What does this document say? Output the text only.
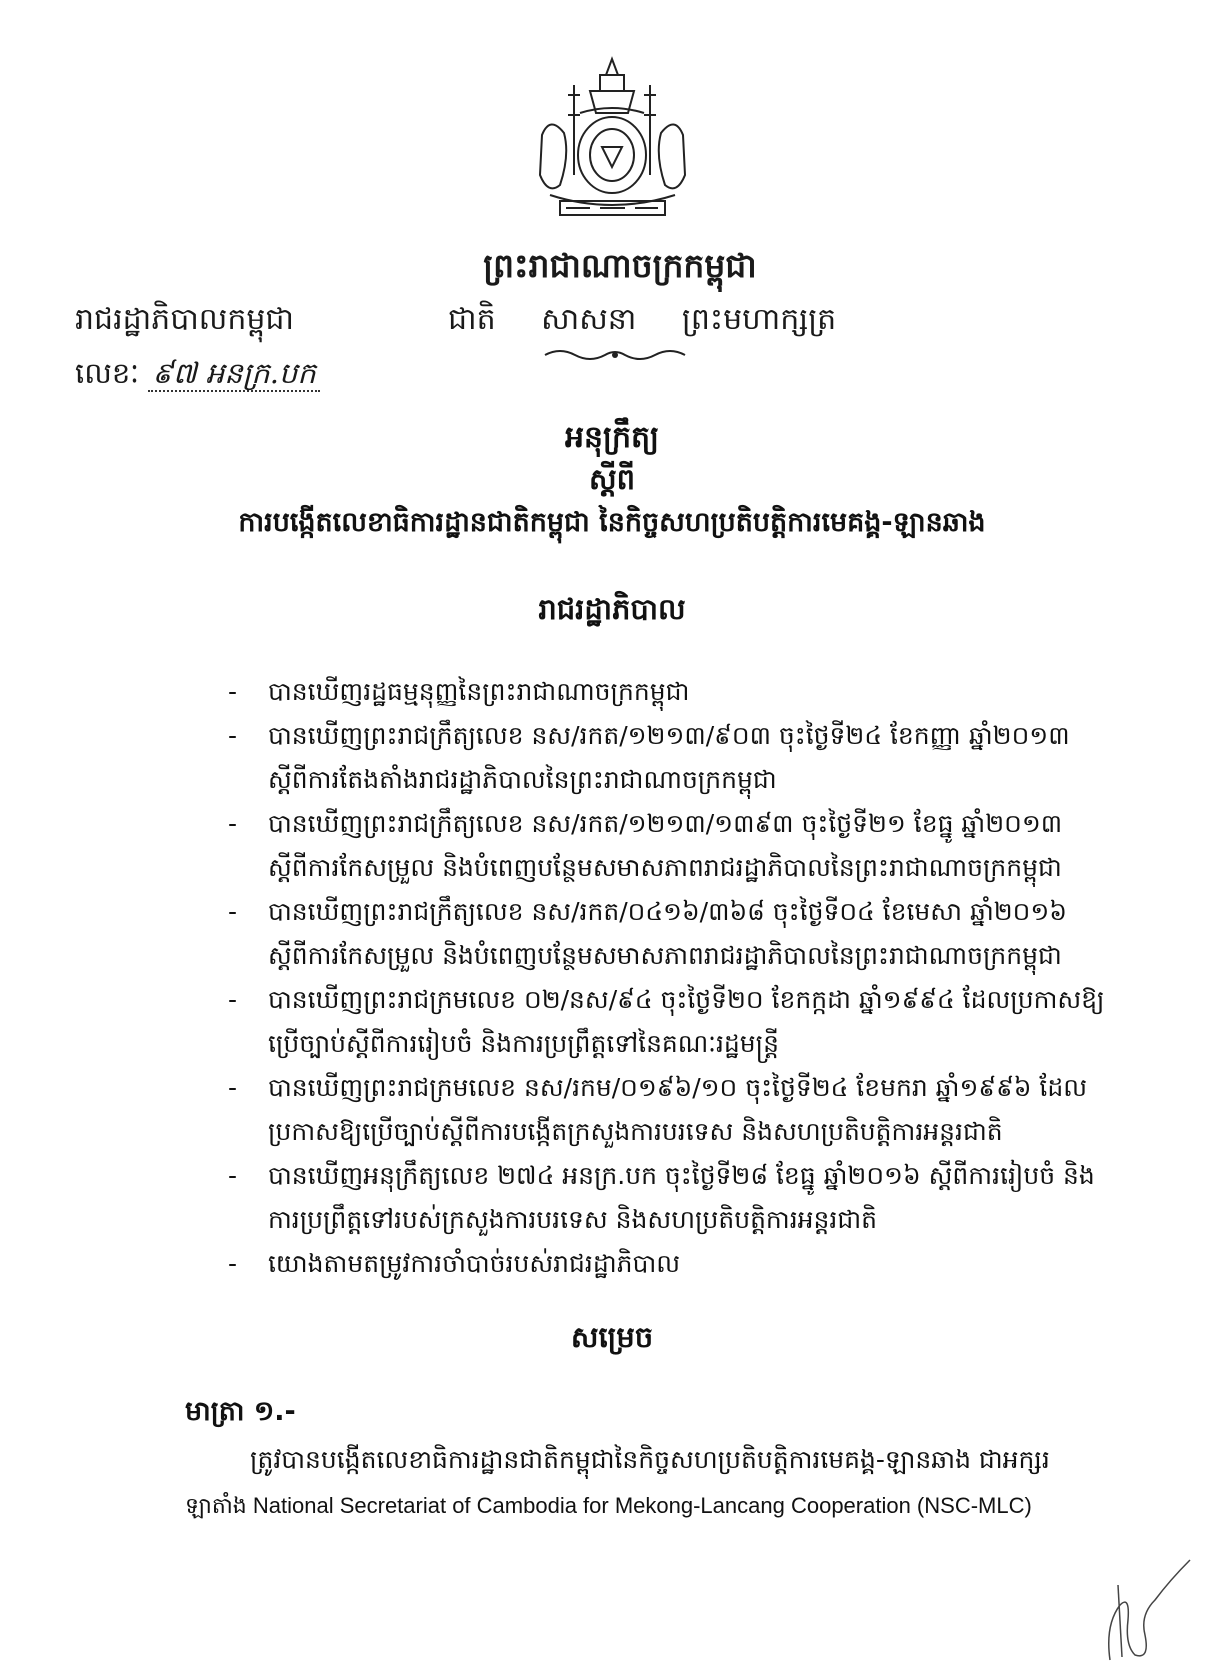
ព្រះរាជាណាចក្រកម្ពុជា
ជាតិ សាសនា ព្រះមហាក្សត្រ
រាជរដ្ឋាភិបាលកម្ពុជា
លេខៈ ៩៧ អនក្រ.បក
អនុក្រឹត្យ
ស្តីពី
ការបង្កើតលេខាធិការដ្ឋានជាតិកម្ពុជា នៃកិច្ចសហប្រតិបត្តិការមេគង្គ-ឡានឆាង
រាជរដ្ឋាភិបាល
- បានឃើញរដ្ឋធម្មនុញ្ញនៃព្រះរាជាណាចក្រកម្ពុជា
- បានឃើញព្រះរាជក្រឹត្យលេខ នស/រកត/១២១៣/៩០៣ ចុះថ្ងៃទី២៤ ខែកញ្ញា ឆ្នាំ២០១៣ ស្តីពីការតែងតាំងរាជរដ្ឋាភិបាលនៃព្រះរាជាណាចក្រកម្ពុជា
- បានឃើញព្រះរាជក្រឹត្យលេខ នស/រកត/១២១៣/១៣៩៣ ចុះថ្ងៃទី២១ ខែធ្នូ ឆ្នាំ២០១៣ ស្តីពីការកែសម្រួល និងបំពេញបន្ថែមសមាសភាពរាជរដ្ឋាភិបាលនៃព្រះរាជាណាចក្រកម្ពុជា
- បានឃើញព្រះរាជក្រឹត្យលេខ នស/រកត/០៤១៦/៣៦៨ ចុះថ្ងៃទី០៤ ខែមេសា ឆ្នាំ២០១៦ ស្តីពីការកែសម្រួល និងបំពេញបន្ថែមសមាសភាពរាជរដ្ឋាភិបាលនៃព្រះរាជាណាចក្រកម្ពុជា
- បានឃើញព្រះរាជក្រមលេខ ០២/នស/៩៤ ចុះថ្ងៃទី២០ ខែកក្កដា ឆ្នាំ១៩៩៤ ដែលប្រកាសឱ្យប្រើច្បាប់ស្តីពីការរៀបចំ និងការប្រព្រឹត្តទៅនៃគណៈរដ្ឋមន្ត្រី
- បានឃើញព្រះរាជក្រមលេខ នស/រកម/០១៩៦/១០ ចុះថ្ងៃទី២៤ ខែមករា ឆ្នាំ១៩៩៦ ដែលប្រកាសឱ្យប្រើច្បាប់ស្តីពីការបង្កើតក្រសួងការបរទេស និងសហប្រតិបត្តិការអន្តរជាតិ
- បានឃើញអនុក្រឹត្យលេខ ២៧៤ អនក្រ.បក ចុះថ្ងៃទី២៨ ខែធ្នូ ឆ្នាំ២០១៦ ស្តីពីការរៀបចំ និងការប្រព្រឹត្តទៅរបស់ក្រសួងការបរទេស និងសហប្រតិបត្តិការអន្តរជាតិ
- យោងតាមតម្រូវការចាំបាច់របស់រាជរដ្ឋាភិបាល
សម្រេច
មាត្រា ១.-
ត្រូវបានបង្កើតលេខាធិការដ្ឋានជាតិកម្ពុជានៃកិច្ចសហប្រតិបត្តិការមេគង្គ-ឡានឆាង ជាអក្សរ
ឡាតាំង National Secretariat of Cambodia for Mekong-Lancang Cooperation (NSC-MLC)
